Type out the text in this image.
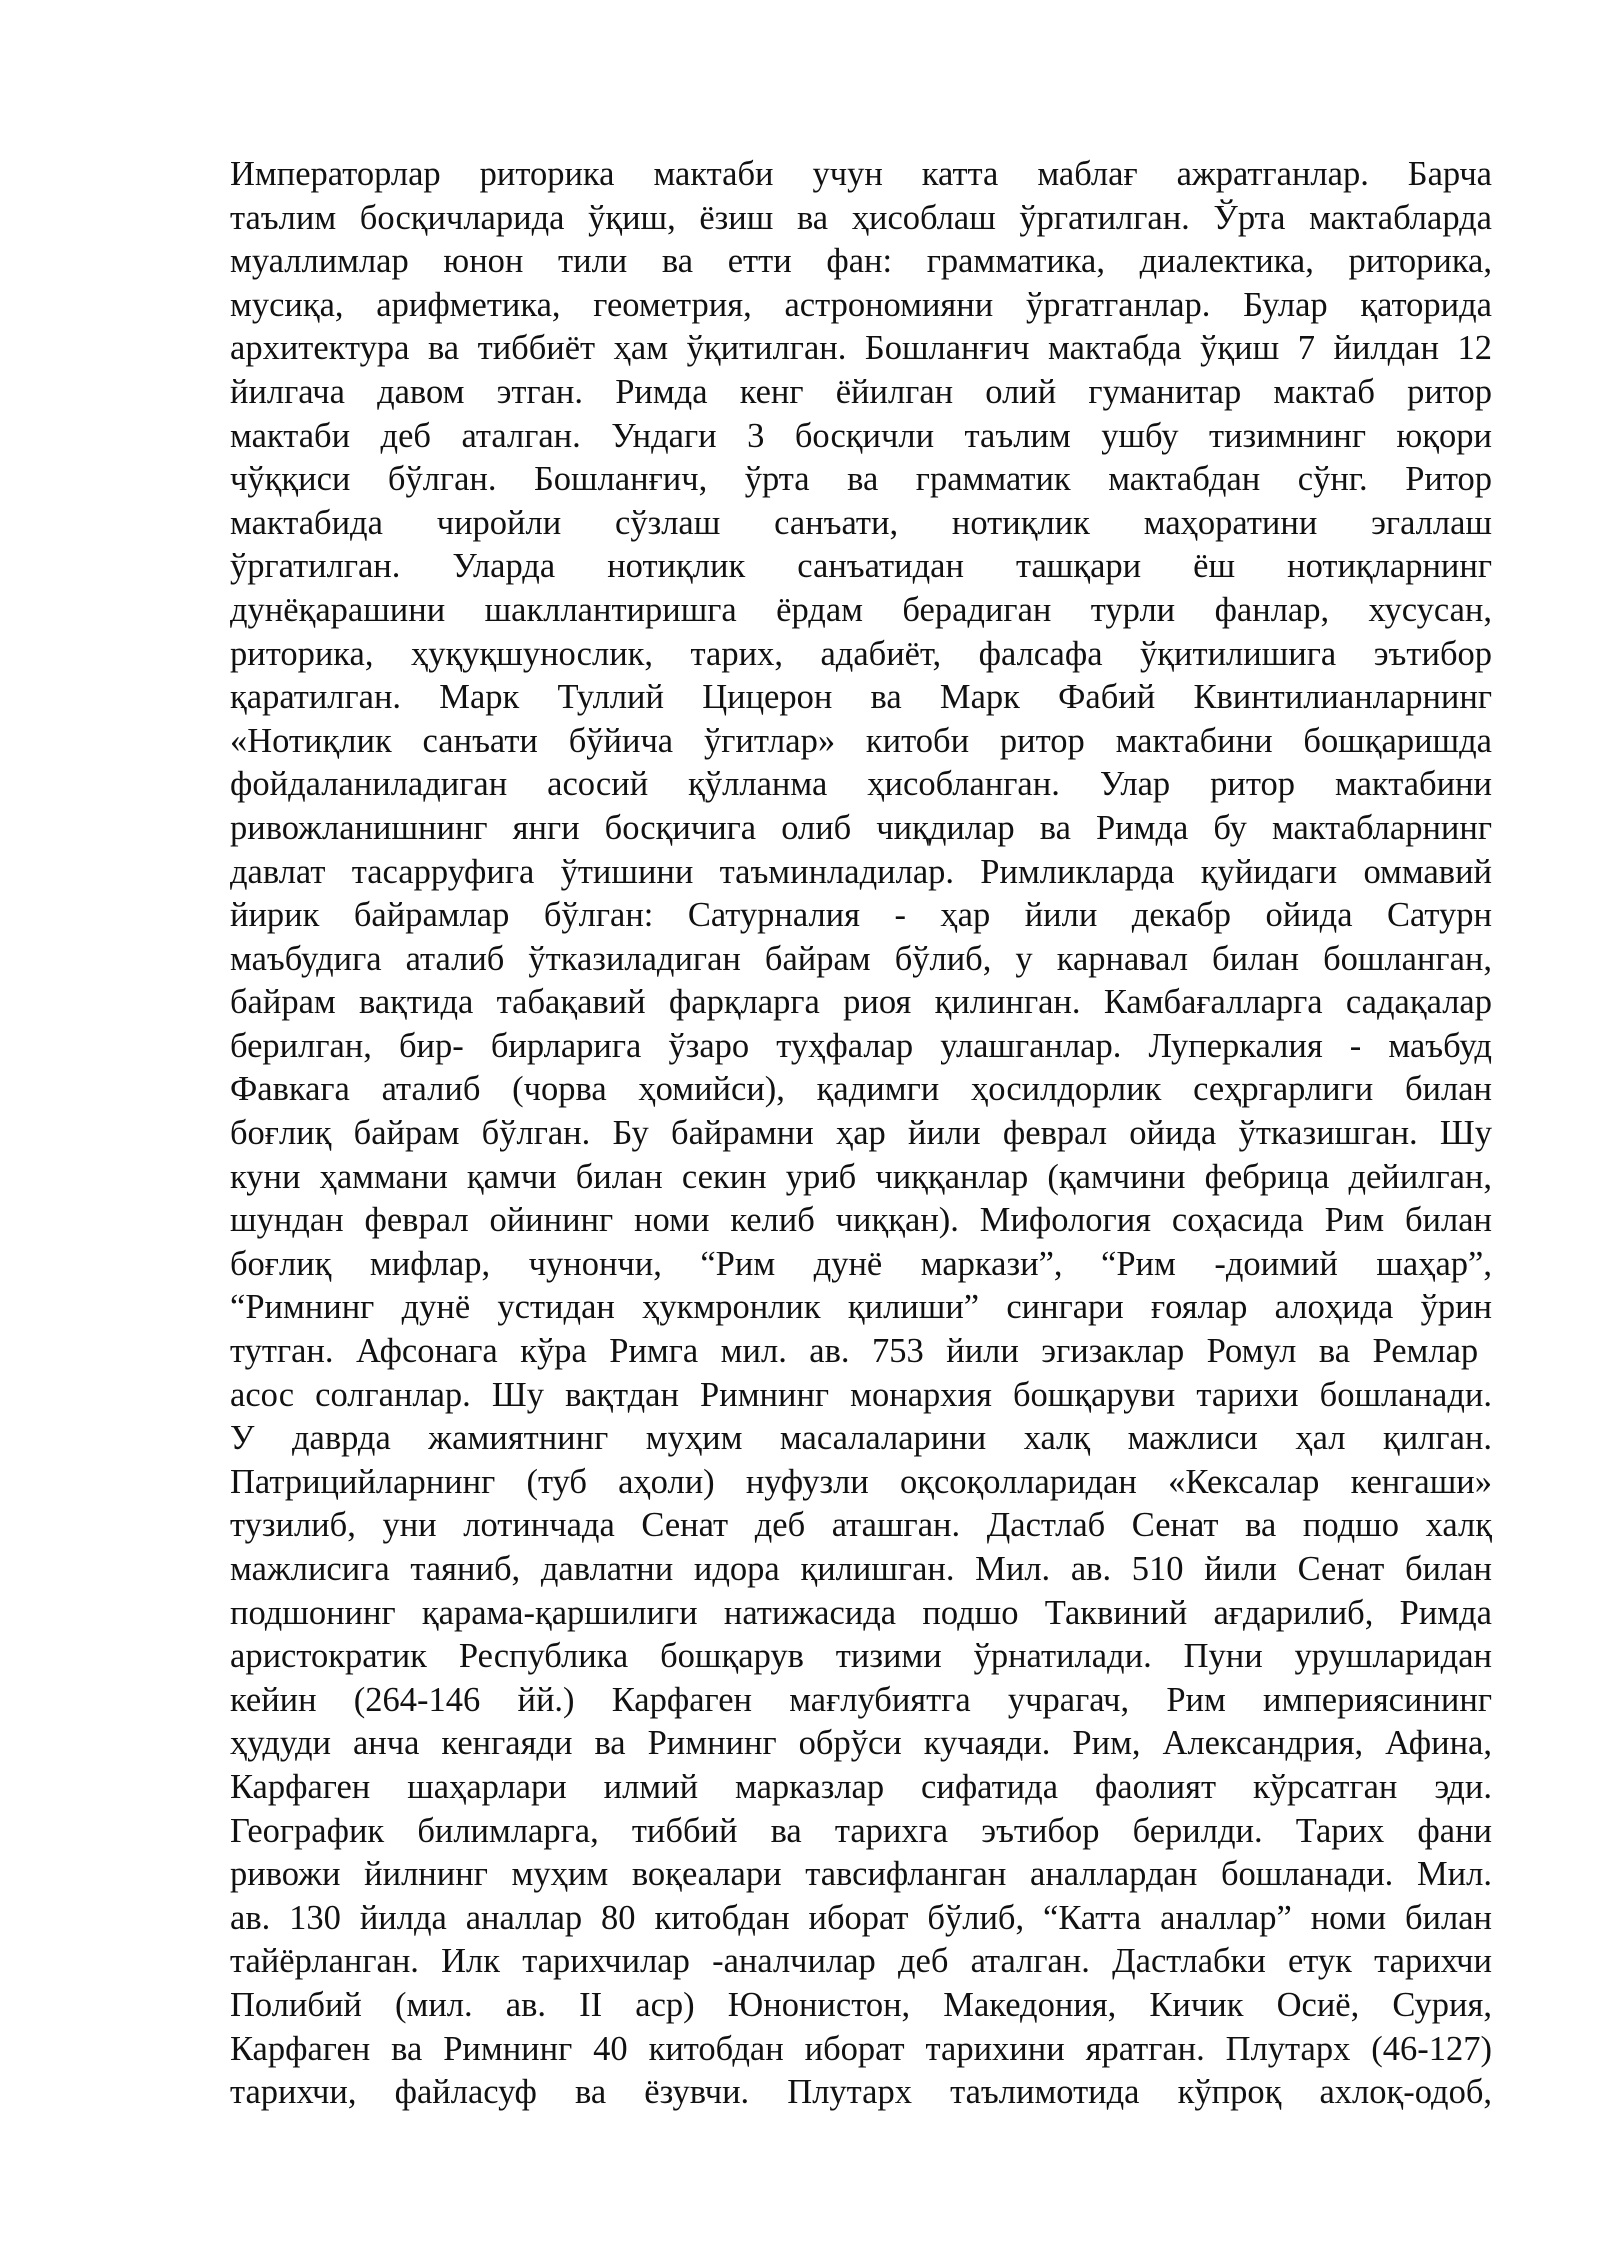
Императорлар риторика мактаби учун катта маблағ ажратганлар. Барча
таълим босқичларида ўқиш, ёзиш ва ҳисоблаш ўргатилган. Ўрта мактабларда
муаллимлар юнон тили ва етти фан: грамматика, диалектика, риторика,
мусиқа, арифметика, геометрия, астрономияни ўргатганлар. Булар қаторида
архитектура ва тиббиёт ҳам ўқитилган. Бошланғич мактабда ўқиш 7 йилдан 12
йилгача давом этган. Римда кенг ёйилган олий гуманитар мактаб ритор
мактаби деб аталган. Ундаги 3 босқичли таълим ушбу тизимнинг юқори
чўққиси бўлган. Бошланғич, ўрта ва грамматик мактабдан сўнг. Ритор
мактабида чиройли сўзлаш санъати, нотиқлик маҳоратини эгаллаш
ўргатилган. Уларда нотиқлик санъатидан ташқари ёш нотиқларнинг
дунёқарашини шакллантиришга ёрдам берадиган турли фанлар, хусусан,
риторика, ҳуқуқшунослик, тарих, адабиёт, фалсафа ўқитилишига эътибор
қаратилган. Марк Туллий Цицерон ва Марк Фабий Квинтилианларнинг
«Нотиқлик санъати бўйича ўгитлар» китоби ритор мактабини бошқаришда
фойдаланиладиган асосий қўлланма ҳисобланган. Улар ритор мактабини
ривожланишнинг янги босқичига олиб чиқдилар ва Римда бу мактабларнинг
давлат тасарруфига ўтишини таъминладилар. Римликларда қуйидаги оммавий
йирик байрамлар бўлган: Сатурналия - ҳар йили декабр ойида Сатурн
маъбудига аталиб ўтказиладиган байрам бўлиб, у карнавал билан бошланган,
байрам вақтида табақавий фарқларга риоя қилинган. Камбағалларга садақалар
берилган, бир- бирларига ўзаро туҳфалар улашганлар. Луперкалия - маъбуд
Фавкага аталиб (чорва ҳомийси), қадимги ҳосилдорлик сеҳргарлиги билан
боғлиқ байрам бўлган. Бу байрамни ҳар йили феврал ойида ўтказишган. Шу
куни ҳаммани қамчи билан секин уриб чиққанлар (қамчини фебрица дейилган,
шундан феврал ойининг номи келиб чиққан). Мифология соҳасида Рим билан
боғлиқ мифлар, чунончи, “Рим дунё маркази”, “Рим -доимий шаҳар”,
“Римнинг дунё устидан ҳукмронлик қилиши” сингари ғоялар алоҳида ўрин
тутган. Афсонага кўра Римга мил. ав. 753 йили эгизаклар Ромул ва Ремлар
асос солганлар. Шу вақтдан Римнинг монархия бошқаруви тарихи бошланади.
У даврда жамиятнинг муҳим масалаларини халқ мажлиси ҳал қилган.
Патрицийларнинг (туб аҳоли) нуфузли оқсоқолларидан «Кексалар кенгаши»
тузилиб, уни лотинчада Сенат деб аташган. Дастлаб Сенат ва подшо халқ
мажлисига таяниб, давлатни идора қилишган. Мил. ав. 510 йили Сенат билан
подшонинг қарама-қаршилиги натижасида подшо Таквиний ағдарилиб, Римда
аристократик Республика бошқарув тизими ўрнатилади. Пуни урушларидан
кейин (264-146 йй.) Карфаген мағлубиятга учрагач, Рим империясининг
ҳудуди анча кенгаяди ва Римнинг обрўси кучаяди. Рим, Александрия, Афина,
Карфаген шаҳарлари илмий марказлар сифатида фаолият кўрсатган эди.
Географик билимларга, тиббий ва тарихга эътибор берилди. Тарих фани
ривожи йилнинг муҳим воқеалари тавсифланган аналлардан бошланади. Мил.
ав. 130 йилда аналлар 80 китобдан иборат бўлиб, “Катта аналлар” номи билан
тайёрланган. Илк тарихчилар -аналчилар деб аталган. Дастлабки етук тарихчи
Полибий (мил. ав. II аср) Юнонистон, Македония, Кичик Осиё, Сурия,
Карфаген ва Римнинг 40 китобдан иборат тарихини яратган. Плутарх (46-127)
тарихчи, файласуф ва ёзувчи. Плутарх таълимотида кўпроқ ахлоқ-одоб,
